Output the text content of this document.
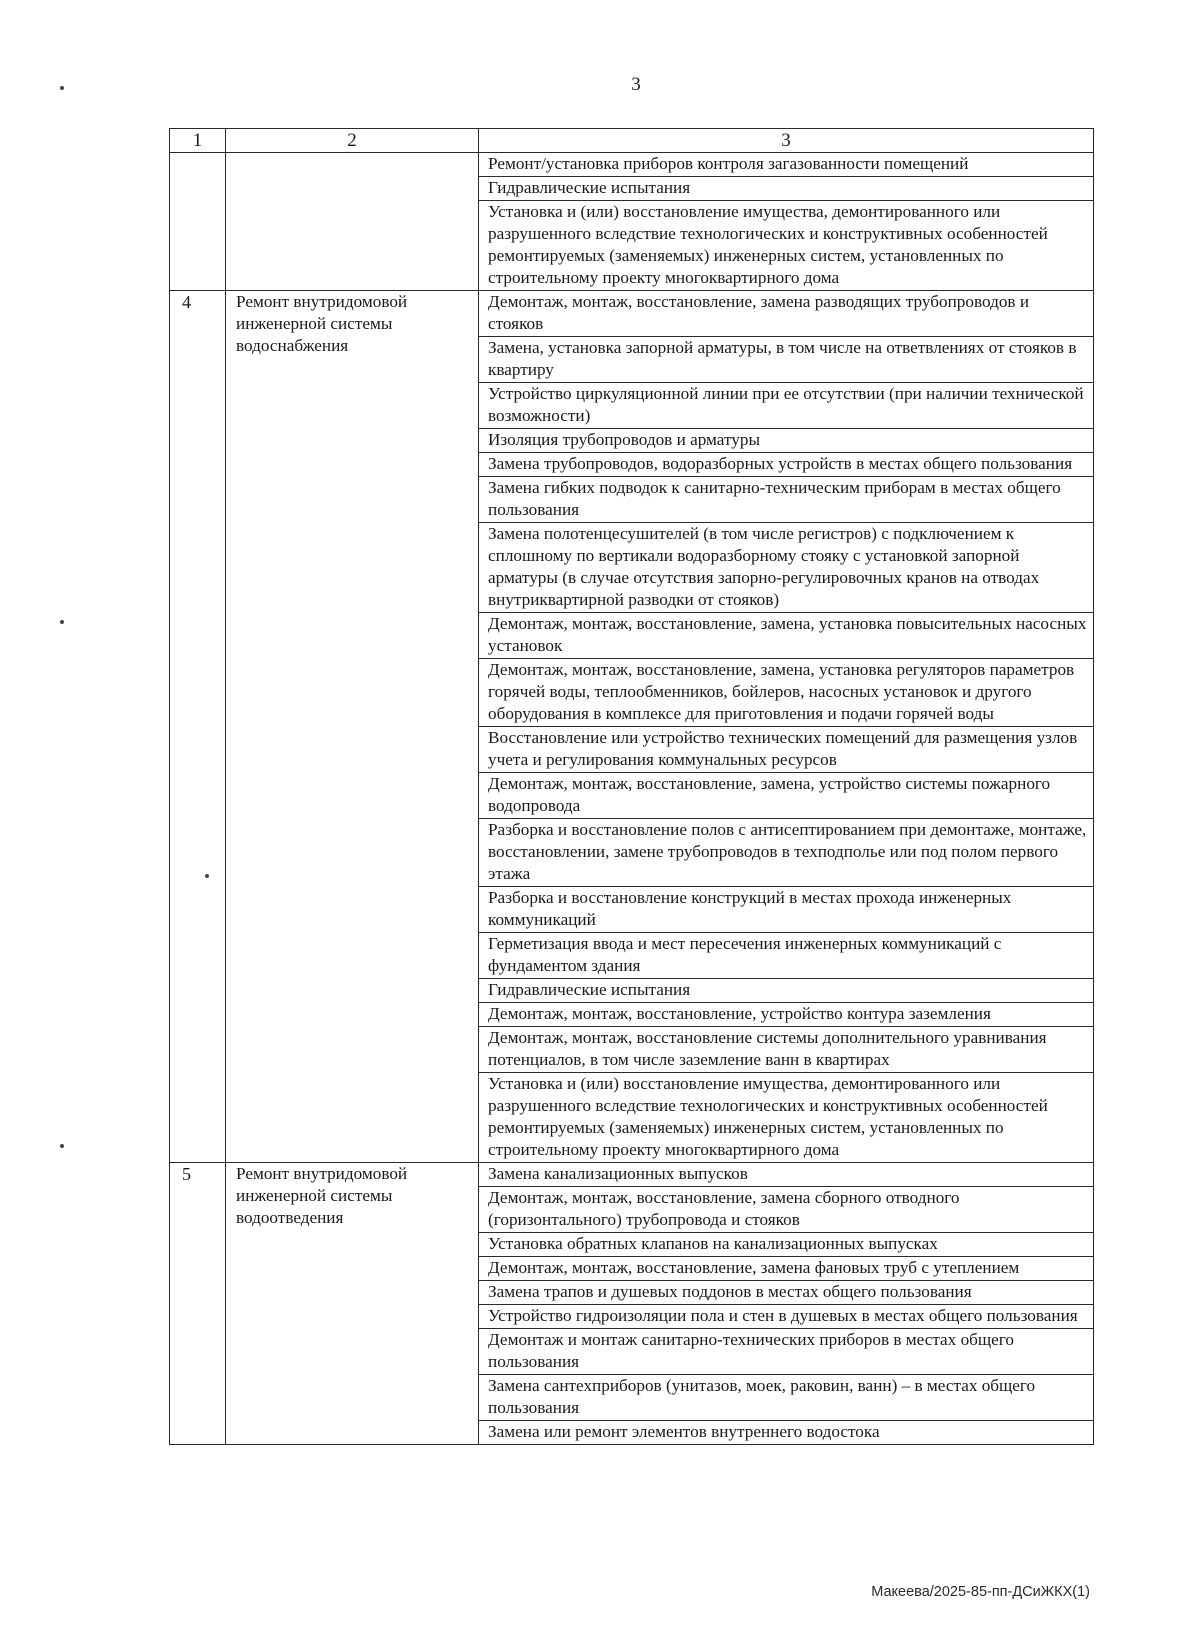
3
1	2	3
		Ремонт/установка приборов контроля загазованности помещений
		Гидравлические испытания
		Установка и (или) восстановление имущества, демонтированного или разрушенного вследствие технологических и конструктивных особенностей ремонтируемых (заменяемых) инженерных систем, установленных по строительному проекту многоквартирного дома
4	Ремонт внутридомовой инженерной системы водоснабжения	Демонтаж, монтаж, восстановление, замена разводящих трубопроводов и стояков
		Замена, установка запорной арматуры, в том числе на ответвлениях от стояков в квартиру
		Устройство циркуляционной линии при ее отсутствии (при наличии технической возможности)
		Изоляция трубопроводов и арматуры
		Замена трубопроводов, водоразборных устройств в местах общего пользования
		Замена гибких подводок к санитарно-техническим приборам в местах общего пользования
		Замена полотенцесушителей (в том числе регистров) с подключением к сплошному по вертикали водоразборному стояку с установкой запорной арматуры (в случае отсутствия запорно-регулировочных кранов на отводах внутриквартирной разводки от стояков)
		Демонтаж, монтаж, восстановление, замена, установка повысительных насосных установок
		Демонтаж, монтаж, восстановление, замена, установка регуляторов параметров горячей воды, теплообменников, бойлеров, насосных установок и другого оборудования в комплексе для приготовления и подачи горячей воды
		Восстановление или устройство технических помещений для размещения узлов учета и регулирования коммунальных ресурсов
		Демонтаж, монтаж, восстановление, замена, устройство системы пожарного водопровода
		Разборка и восстановление полов с антисептированием при демонтаже, монтаже, восстановлении, замене трубопроводов в техподполье или под полом первого этажа
		Разборка и восстановление конструкций в местах прохода инженерных коммуникаций
		Герметизация ввода и мест пересечения инженерных коммуникаций с фундаментом здания
		Гидравлические испытания
		Демонтаж, монтаж, восстановление, устройство контура заземления
		Демонтаж, монтаж, восстановление системы дополнительного уравнивания потенциалов, в том числе заземление ванн в квартирах
		Установка и (или) восстановление имущества, демонтированного или разрушенного вследствие технологических и конструктивных особенностей ремонтируемых (заменяемых) инженерных систем, установленных по строительному проекту многоквартирного дома
5	Ремонт внутридомовой инженерной системы водоотведения	Замена канализационных выпусков
		Демонтаж, монтаж, восстановление, замена сборного отводного (горизонтального) трубопровода и стояков
		Установка обратных клапанов на канализационных выпусках
		Демонтаж, монтаж, восстановление, замена фановых труб с утеплением
		Замена трапов и душевых поддонов в местах общего пользования
		Устройство гидроизоляции пола и стен в душевых в местах общего пользования
		Демонтаж и монтаж санитарно-технических приборов в местах общего пользования
		Замена сантехприборов (унитазов, моек, раковин, ванн) – в местах общего пользования
		Замена или ремонт элементов внутреннего водостока
Макеева/2025-85-пп-ДСиЖКХ(1)
